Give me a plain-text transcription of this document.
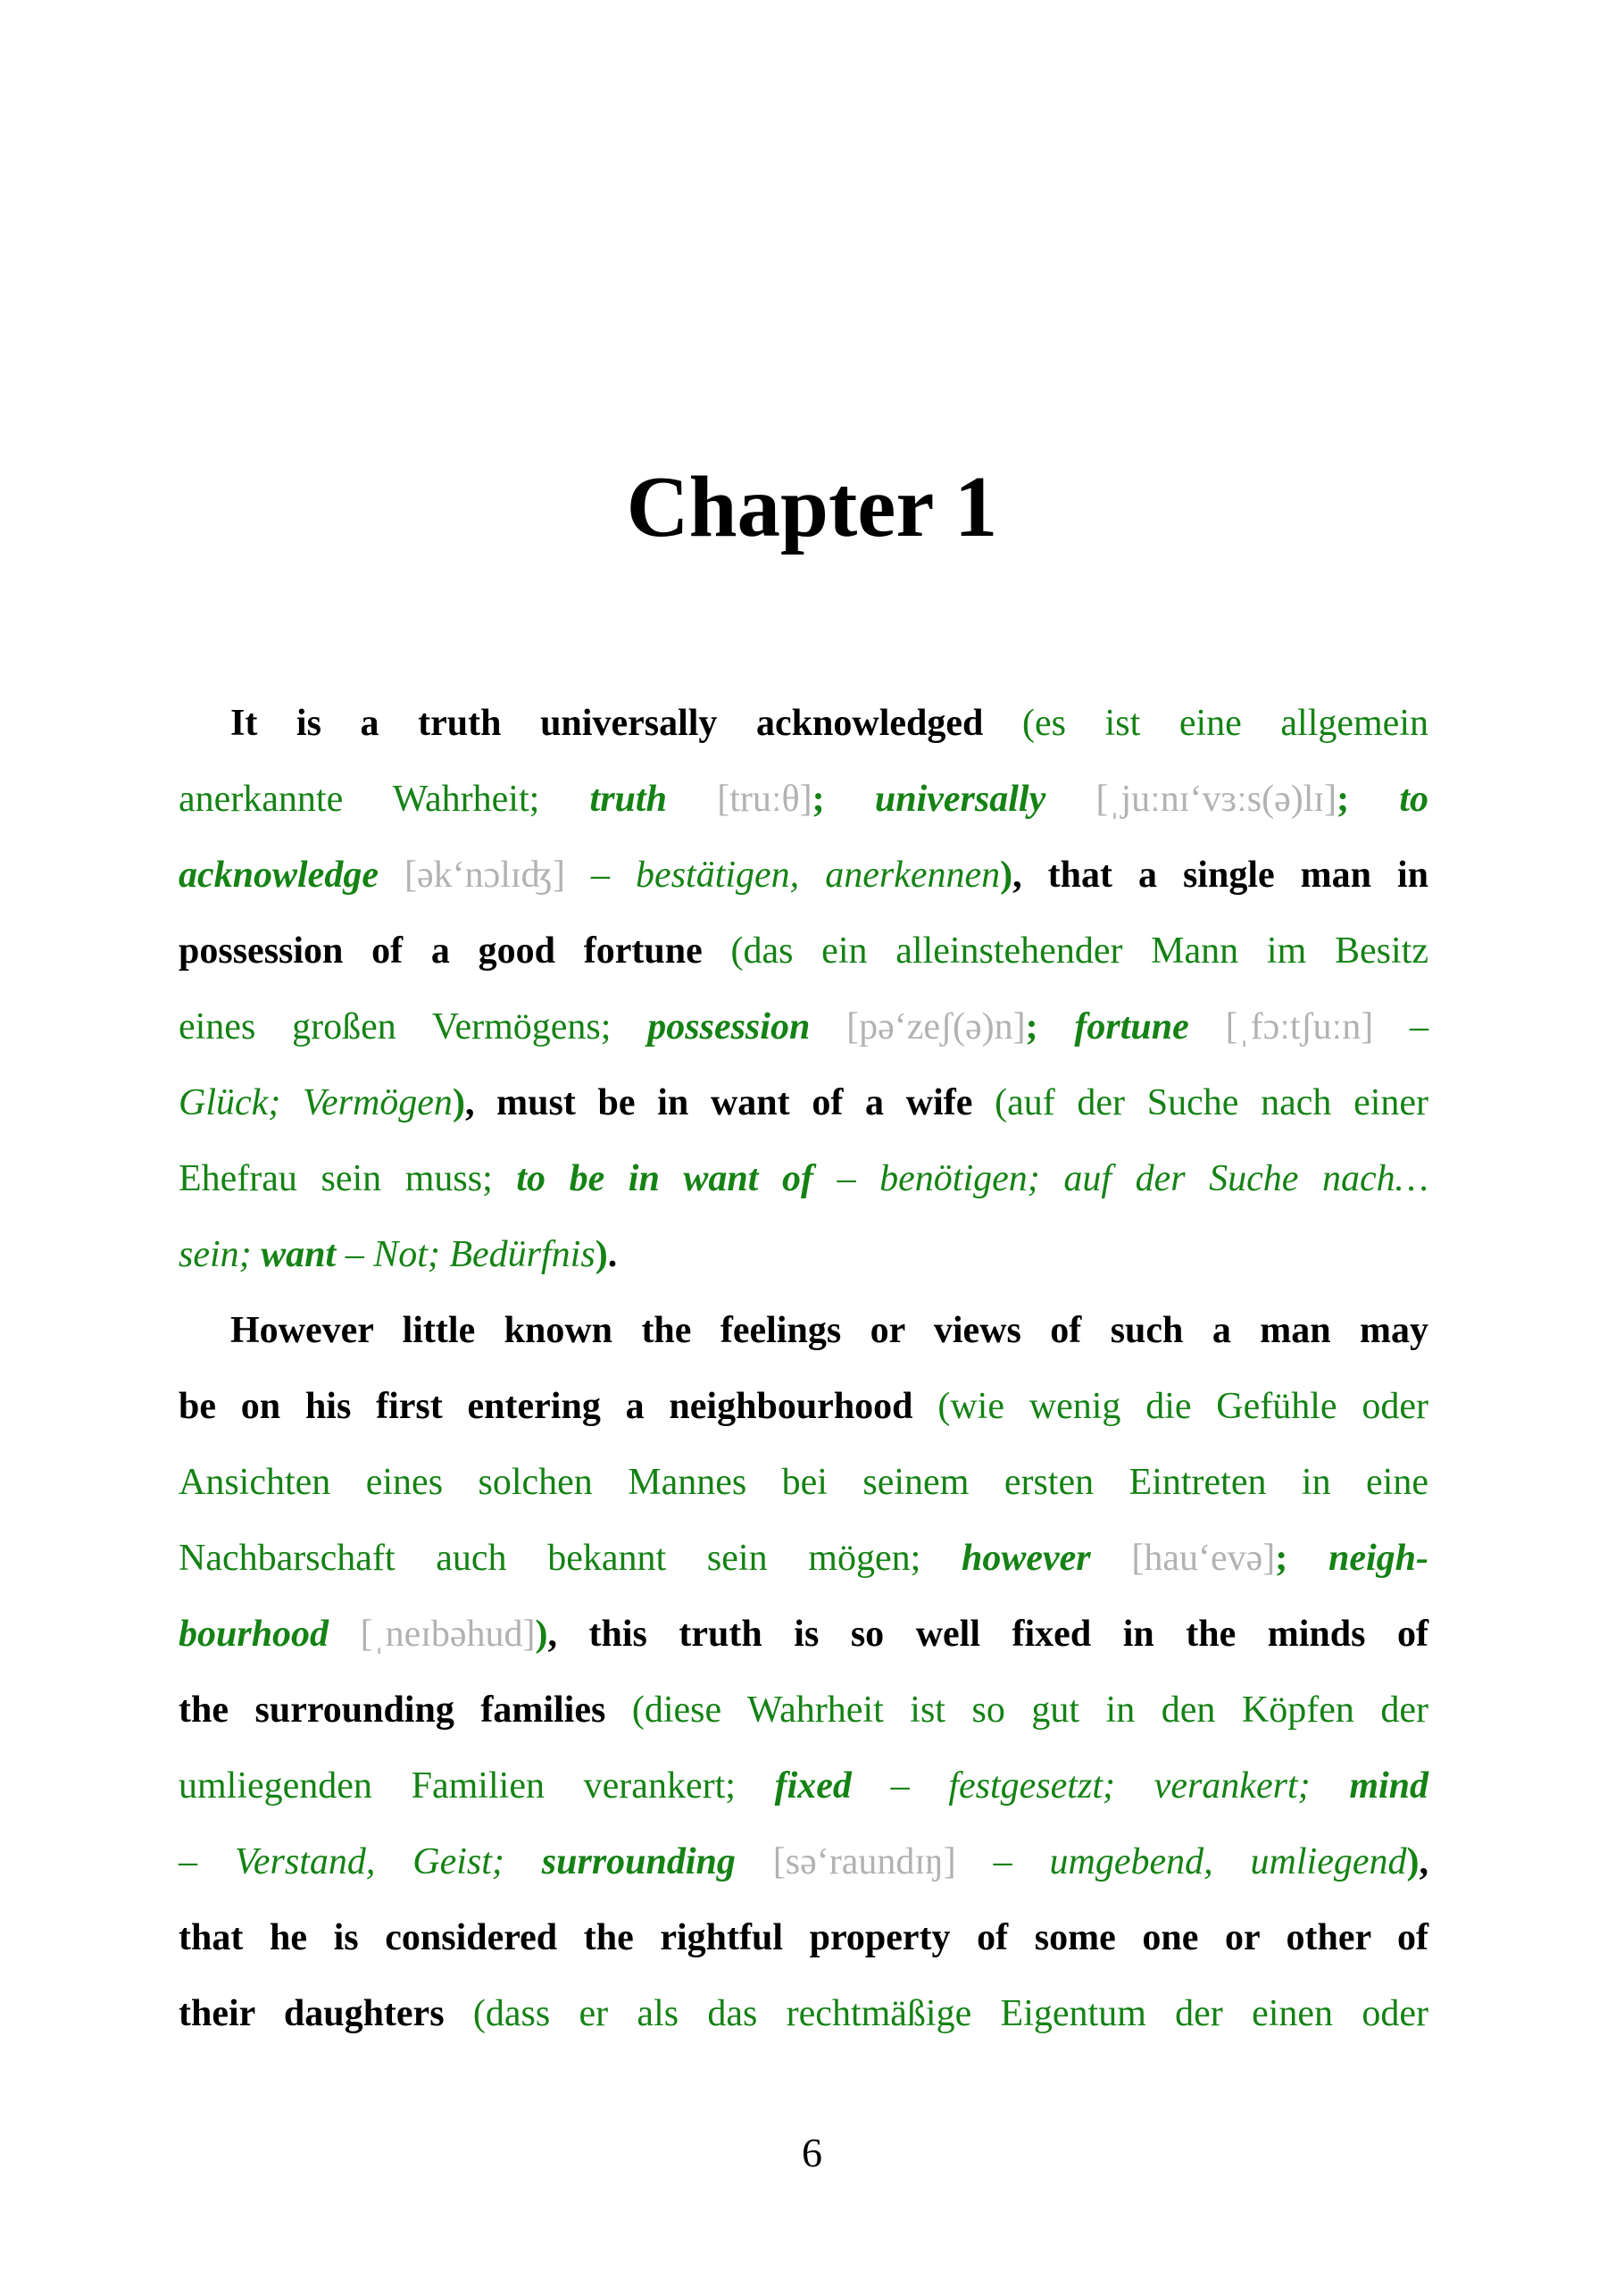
Chapter 1
It is a truth universally acknowledged (es ist eine allgemein
anerkannte Wahrheit; truth [truːθ]; universally [ˌjuːnɪʻvɜːs(ə)lɪ]; to
acknowledge [əkʻnɔlɪʤ] – bestätigen, anerkennen), that a single man in
possession of a good fortune (das ein alleinstehender Mann im Besitz
eines großen Vermögens; possession [pəʻzeʃ(ə)n]; fortune [ˌfɔːtʃuːn] –
Glück; Vermögen), must be in want of a wife (auf der Suche nach einer
Ehefrau sein muss; to be in want of – benötigen; auf der Suche nach…
sein; want – Not; Bedürfnis).
However little known the feelings or views of such a man may
be on his first entering a neighbourhood (wie wenig die Gefühle oder
Ansichten eines solchen Mannes bei seinem ersten Eintreten in eine
Nachbarschaft auch bekannt sein mögen; however [hauʻevə]; neigh-
bourhood [ˌneɪbəhud]), this truth is so well fixed in the minds of
the surrounding families (diese Wahrheit ist so gut in den Köpfen der
umliegenden Familien verankert; fixed – festgesetzt; verankert; mind
– Verstand, Geist; surrounding [səʻraundɪŋ] – umgebend, umliegend),
that he is considered the rightful property of some one or other of
their daughters (dass er als das rechtmäßige Eigentum der einen oder
6
